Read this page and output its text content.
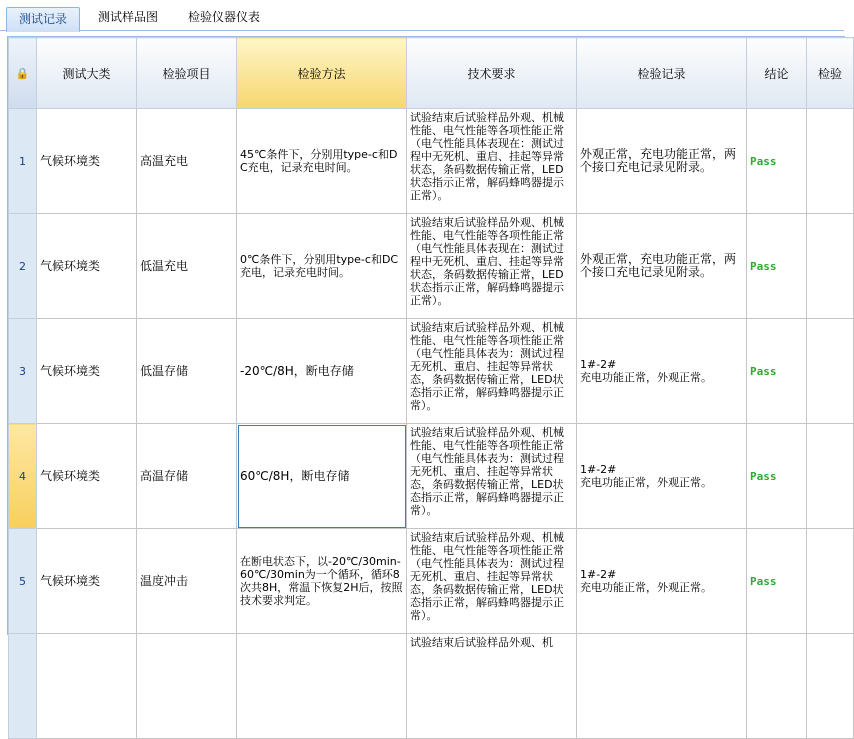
测试记录	测试样品图	检验仪器仪表
🔒	测试大类	检验项目	检验方法	技术要求	检验记录	结论	检验
1	气候环境类	高温充电	45℃条件下，分别用type-c和DC充电，记录充电时间。	试验结束后试验样品外观、机械性能、电气性能等各项性能正常（电气性能具体表现在：测试过程中无死机、重启、挂起等异常状态，条码数据传输正常，LED状态指示正常，解码蜂鸣器提示正常）。	外观正常，充电功能正常，两个接口充电记录见附录。	Pass	
2	气候环境类	低温充电	0℃条件下，分别用type-c和DC充电，记录充电时间。	试验结束后试验样品外观、机械性能、电气性能等各项性能正常（电气性能具体表现在：测试过程中无死机、重启、挂起等异常状态，条码数据传输正常，LED状态指示正常，解码蜂鸣器提示正常）。	外观正常，充电功能正常，两个接口充电记录见附录。	Pass	
3	气候环境类	低温存储	-20℃/8H，断电存储	试验结束后试验样品外观、机械性能、电气性能等各项性能正常（电气性能具体表为：测试过程无死机、重启、挂起等异常状态，条码数据传输正常，LED状态指示正常，解码蜂鸣器提示正常）。	1#-2#
充电功能正常，外观正常。	Pass	
4	气候环境类	高温存储	60℃/8H，断电存储	试验结束后试验样品外观、机械性能、电气性能等各项性能正常（电气性能具体表为：测试过程无死机、重启、挂起等异常状态，条码数据传输正常，LED状态指示正常，解码蜂鸣器提示正常）。	1#-2#
充电功能正常，外观正常。	Pass	
5	气候环境类	温度冲击	在断电状态下，以-20℃/30min-60℃/30min为一个循环，循环8次共8H，常温下恢复2H后，按照技术要求判定。	试验结束后试验样品外观、机械性能、电气性能等各项性能正常（电气性能具体表为：测试过程无死机、重启、挂起等异常状态，条码数据传输正常，LED状态指示正常，解码蜂鸣器提示正常）。	1#-2#
充电功能正常，外观正常。	Pass	
				试验结束后试验样品外观、机			
